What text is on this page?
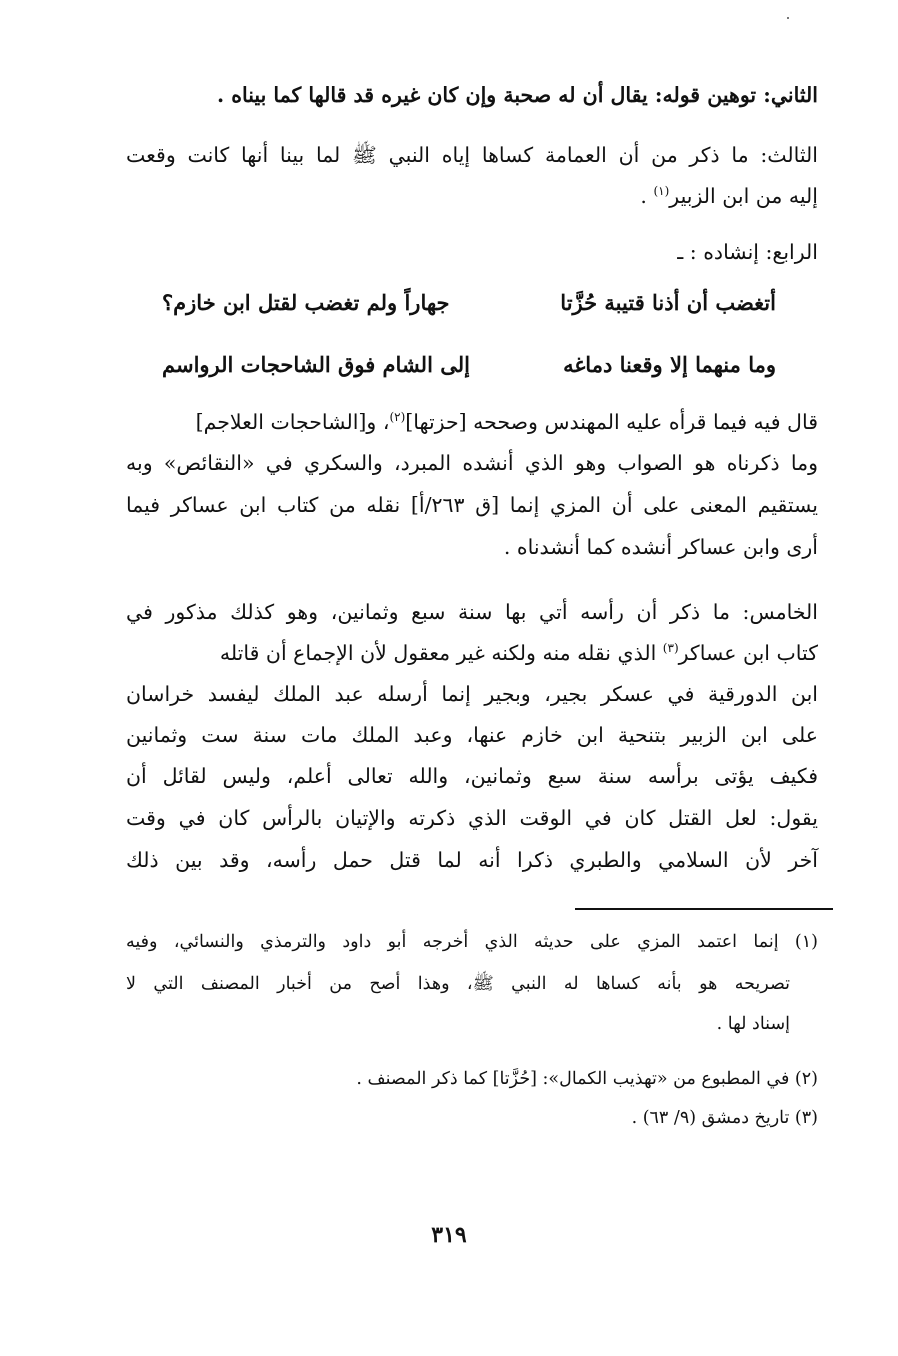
الثاني: توهين قوله: يقال أن له صحبة وإن كان غيره قد قالها كما بيناه .
الثالث: ما ذكر من أن العمامة كساها إياه النبي ﷺ لما بينا أنها كانت وقعت
إليه من ابن الزبير$^{(١)}$ .
الرابع: إنشاده : ـ
أتغضب أن أذنا قتيبة حُزَّتا
جهاراً ولم تغضب لقتل ابن خازم؟
وما منهما إلا وقعنا دماغه
إلى الشام فوق الشاحجات الرواسم
قال فيه فيما قرأه عليه المهندس وصححه [حزتها]$^{(٢)}$، و[الشاحجات العلاجم]
وما ذكرناه هو الصواب وهو الذي أنشده المبرد، والسكري في «النقائص» وبه
يستقيم المعنى على أن المزي إنما [ق ٢٦٣/أ] نقله من كتاب ابن عساكر فيما
أرى وابن عساكر أنشده كما أنشدناه .
الخامس: ما ذكر أن رأسه أتي بها سنة سبع وثمانين، وهو كذلك مذكور في
كتاب ابن عساكر$^{(٣)}$ الذي نقله منه ولكنه غير معقول لأن الإجماع أن قاتله
ابن الدورقية في عسكر بجير، وبجير إنما أرسله عبد الملك ليفسد خراسان
على ابن الزبير بتنحية ابن خازم عنها، وعبد الملك مات سنة ست وثمانين
فكيف يؤتى برأسه سنة سبع وثمانين، والله تعالى أعلم، وليس لقائل أن
يقول: لعل القتل كان في الوقت الذي ذكرته والإتيان بالرأس كان في وقت
آخر لأن السلامي والطبري ذكرا أنه لما قتل حمل رأسه، وقد بين ذلك
(١) إنما اعتمد المزي على حديثه الذي أخرجه أبو داود والترمذي والنسائي، وفيه
تصريحه هو بأنه كساها له النبي ﷺ، وهذا أصح من أخبار المصنف التي لا
إسناد لها .
(٢) في المطبوع من «تهذيب الكمال»: [حُزَّتا] كما ذكر المصنف .
(٣) تاريخ دمشق (٩/ ٦٣) .
٣١٩
